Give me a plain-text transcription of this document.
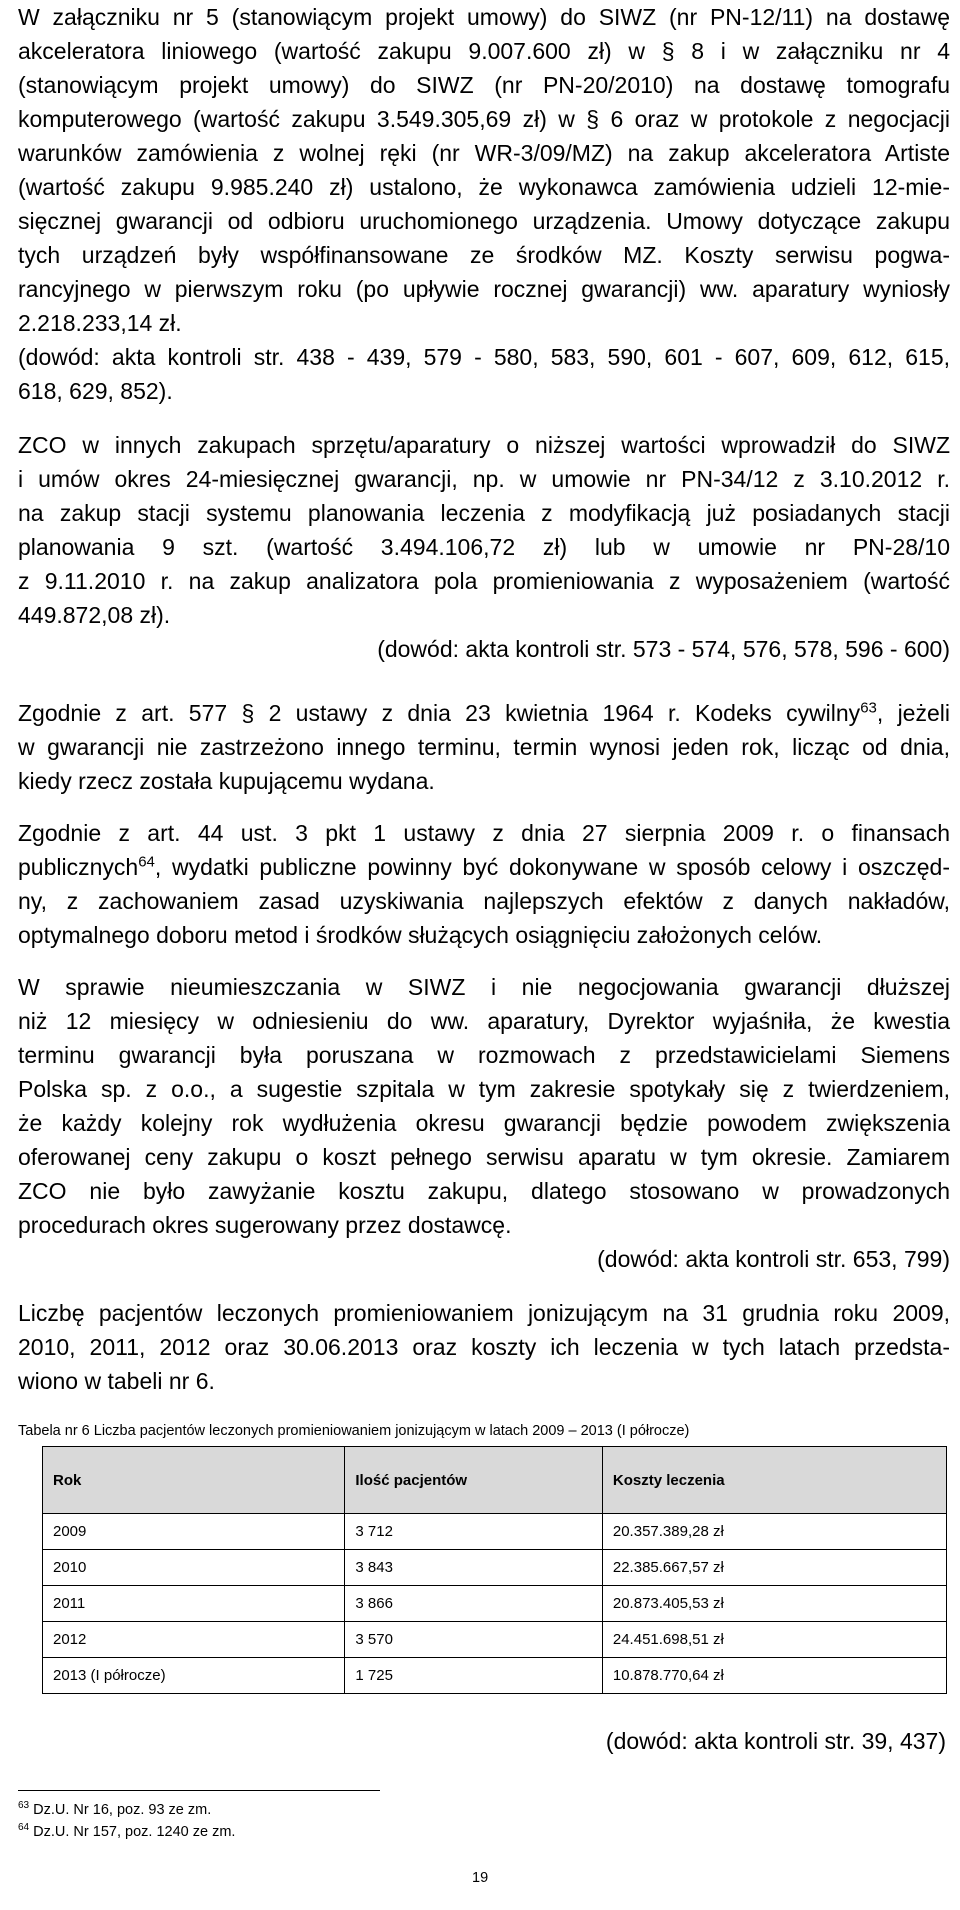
W załączniku nr 5 (stanowiącym projekt umowy) do SIWZ (nr PN-12/11) na dostawę
akceleratora liniowego (wartość zakupu 9.007.600 zł) w § 8 i w załączniku nr 4
(stanowiącym projekt umowy) do SIWZ (nr PN-20/2010) na dostawę tomografu
komputerowego (wartość zakupu 3.549.305,69 zł) w § 6 oraz w protokole z negocjacji
warunków zamówienia z wolnej ręki (nr WR-3/09/MZ) na zakup akceleratora Artiste
(wartość zakupu 9.985.240 zł) ustalono, że wykonawca zamówienia udzieli 12-mie-
sięcznej gwarancji od odbioru uruchomionego urządzenia. Umowy dotyczące zakupu
tych urządzeń były współfinansowane ze środków MZ. Koszty serwisu pogwa-
rancyjnego w pierwszym roku (po upływie rocznej gwarancji) ww. aparatury wyniosły
2.218.233,14 zł.
(dowód: akta kontroli str. 438 - 439, 579 - 580, 583, 590, 601 - 607, 609, 612, 615,
618, 629, 852).
ZCO w innych zakupach sprzętu/aparatury o niższej wartości wprowadził do SIWZ
i umów okres 24-miesięcznej gwarancji, np. w umowie nr PN-34/12 z 3.10.2012 r.
na zakup stacji systemu planowania leczenia z modyfikacją już posiadanych stacji
planowania 9 szt. (wartość 3.494.106,72 zł) lub w umowie nr PN-28/10
z 9.11.2010 r. na zakup analizatora pola promieniowania z wyposażeniem (wartość
449.872,08 zł).
(dowód: akta kontroli str. 573 - 574, 576, 578, 596 - 600)
Zgodnie z art. 577 § 2 ustawy z dnia 23 kwietnia 1964 r. Kodeks cywilny$^{63}$, jeżeli
w gwarancji nie zastrzeżono innego terminu, termin wynosi jeden rok, licząc od dnia,
kiedy rzecz została kupującemu wydana.
Zgodnie z art. 44 ust. 3 pkt 1 ustawy z dnia 27 sierpnia 2009 r. o finansach
publicznych$^{64}$, wydatki publiczne powinny być dokonywane w sposób celowy i oszczęd-
ny, z zachowaniem zasad uzyskiwania najlepszych efektów z danych nakładów,
optymalnego doboru metod i środków służących osiągnięciu założonych celów.
W sprawie nieumieszczania w SIWZ i nie negocjowania gwarancji dłuższej
niż 12 miesięcy w odniesieniu do ww. aparatury, Dyrektor wyjaśniła, że kwestia
terminu gwarancji była poruszana w rozmowach z przedstawicielami Siemens
Polska sp. z o.o., a sugestie szpitala w tym zakresie spotykały się z twierdzeniem,
że każdy kolejny rok wydłużenia okresu gwarancji będzie powodem zwiększenia
oferowanej ceny zakupu o koszt pełnego serwisu aparatu w tym okresie. Zamiarem
ZCO nie było zawyżanie kosztu zakupu, dlatego stosowano w prowadzonych
procedurach okres sugerowany przez dostawcę.
(dowód: akta kontroli str. 653, 799)
Liczbę pacjentów leczonych promieniowaniem jonizującym na 31 grudnia roku 2009,
2010, 2011, 2012 oraz 30.06.2013 oraz koszty ich leczenia w tych latach przedsta-
wiono w tabeli nr 6.
Tabela nr 6 Liczba pacjentów leczonych promieniowaniem jonizującym w latach 2009 – 2013 (I półrocze)
Rok	Ilość pacjentów	Koszty leczenia
2009	3 712	20.357.389,28 zł
2010	3 843	22.385.667,57 zł
2011	3 866	20.873.405,53 zł
2012	3 570	24.451.698,51 zł
2013 (I półrocze)	1 725	10.878.770,64 zł
(dowód: akta kontroli str. 39, 437)
$^{63}$ Dz.U. Nr 16, poz. 93 ze zm.
$^{64}$ Dz.U. Nr 157, poz. 1240 ze zm.
19
